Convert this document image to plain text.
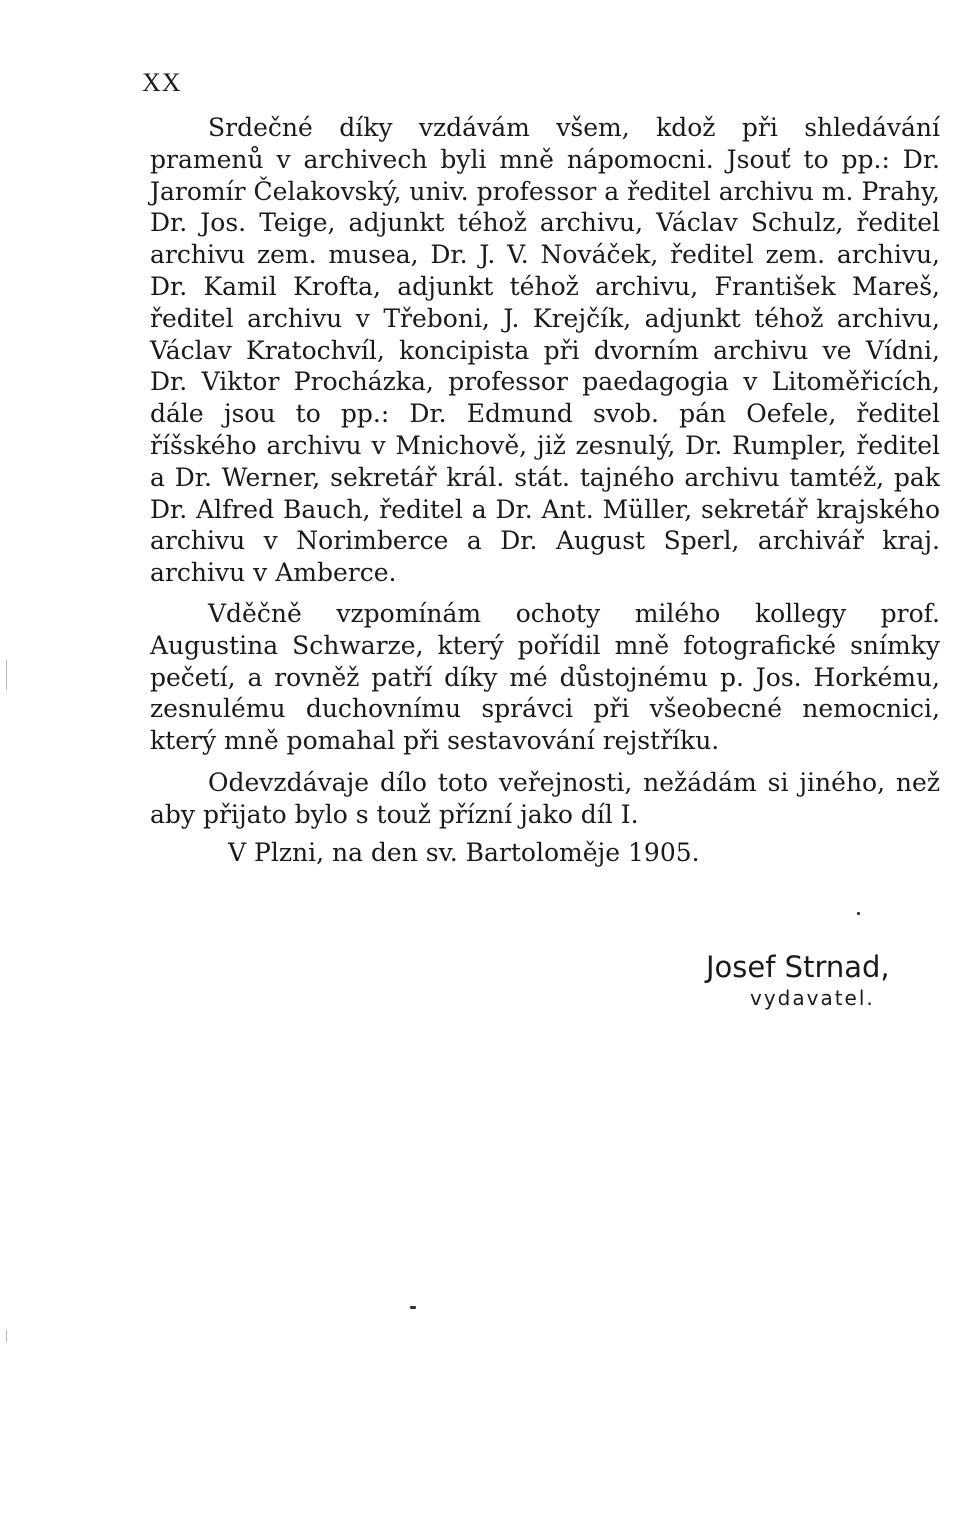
XX

Srdečné díky vzdávám všem, kdož při shledávání pramenů v archivech byli mně nápomocni. Jsouť to pp.: Dr. Jaromír Čelakovský, univ. professor a ředitel archivu m. Prahy, Dr. Jos. Teige, adjunkt téhož archivu, Václav Schulz, ředitel archivu zem. musea, Dr. J. V. Nováček, ředitel zem. archivu, Dr. Kamil Krofta, adjunkt téhož archivu, František Mareš, ředitel archivu v Třeboni, J. Krejčík, adjunkt téhož archivu, Václav Kratochvíl, koncipista při dvorním archivu ve Vídni, Dr. Viktor Procházka, professor paedagogia v Litoměřicích, dále jsou to pp.: Dr. Edmund svob. pán Oefele, ředitel říšského archivu v Mnichově, již zesnulý, Dr. Rumpler, ředitel a Dr. Werner, sekretář král. stát. tajného archivu tamtéž, pak Dr. Alfred Bauch, ředitel a Dr. Ant. Müller, sekretář krajského archivu v Norimberce a Dr. August Sperl, archivář kraj. archivu v Amberce.

Vděčně vzpomínám ochoty milého kollegy prof. Augustina Schwarze, který pořídil mně fotografické snímky pečetí, a rovněž patří díky mé důstojnému p. Jos. Horkému, zesnulému duchovnímu správci při všeobecné nemocnici, který mně pomahal při sestavování rejstříku.

Odevzdávaje dílo toto veřejnosti, nežádám si jiného, než aby přijato bylo s touž přízní jako díl I.

V Plzni, na den sv. Bartoloměje 1905.
Josef Strnad,
vydavatel.
